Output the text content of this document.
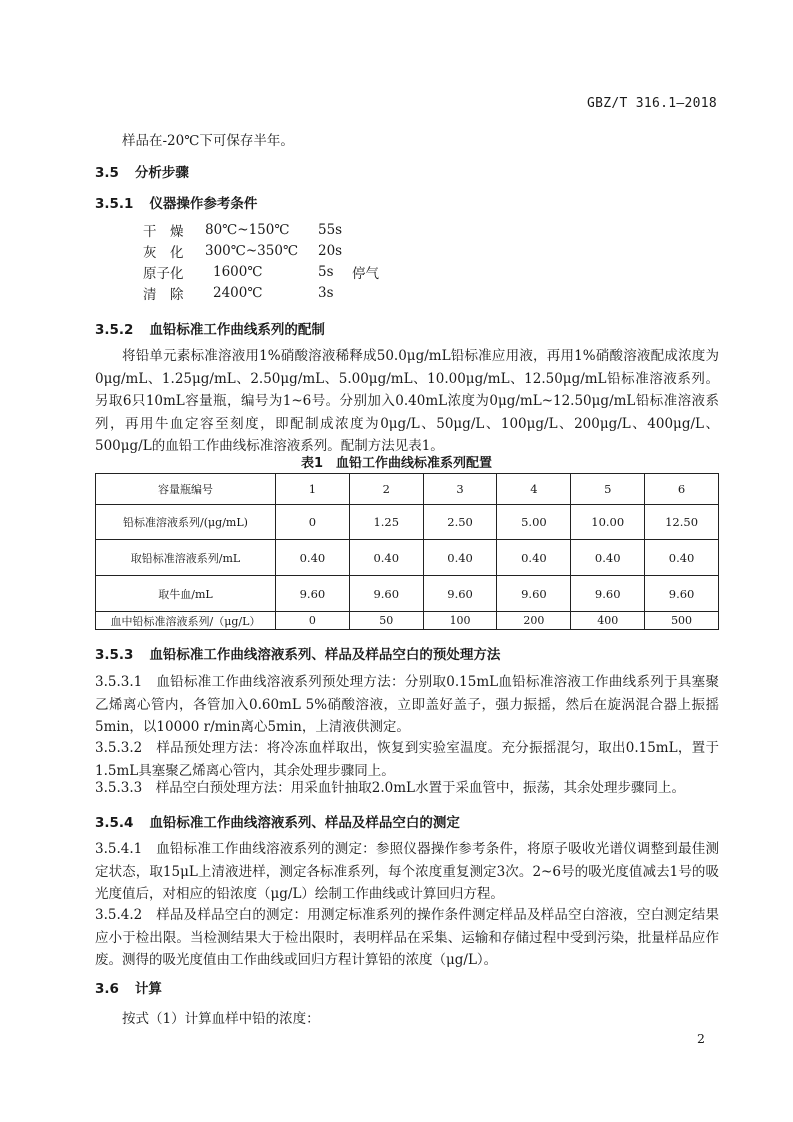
GBZ/T 316.1—2018
样品在-20℃下可保存半年。
3.5 分析步骤
3.5.1 仪器操作参考条件
干　燥	80℃~150℃	55s	
灰　化	300℃~350℃	20s	
原子化	1600℃	5s	停气
清　除	2400℃	3s	
3.5.2 血铅标准工作曲线系列的配制
将铅单元素标准溶液用1%硝酸溶液稀释成50.0μg/mL铅标准应用液，再用1%硝酸溶液配成浓度为0μg/mL、1.25μg/mL、2.50μg/mL、5.00μg/mL、10.00μg/mL、12.50μg/mL铅标准溶液系列。另取6只10mL容量瓶，编号为1~6号。分别加入0.40mL浓度为0μg/mL~12.50μg/mL铅标准溶液系列，再用牛血定容至刻度，即配制成浓度为0μg/L、50μg/L、100μg/L、200μg/L、400μg/L、500μg/L的血铅工作曲线标准溶液系列。配制方法见表1。
表1　血铅工作曲线标准系列配置
容量瓶编号	1	2	3	4	5	6
铅标准溶液系列/(μg/mL)	0	1.25	2.50	5.00	10.00	12.50
取铅标准溶液系列/mL	0.40	0.40	0.40	0.40	0.40	0.40
取牛血/mL	9.60	9.60	9.60	9.60	9.60	9.60
血中铅标准溶液系列/（μg/L）	0	50	100	200	400	500
3.5.3 血铅标准工作曲线溶液系列、样品及样品空白的预处理方法
3.5.3.1　血铅标准工作曲线溶液系列预处理方法：分别取0.15mL血铅标准溶液工作曲线系列于具塞聚乙烯离心管内，各管加入0.60mL 5%硝酸溶液，立即盖好盖子，强力振摇，然后在旋涡混合器上振摇5min，以10000 r/min离心5min，上清液供测定。
3.5.3.2　样品预处理方法：将冷冻血样取出，恢复到实验室温度。充分振摇混匀，取出0.15mL，置于1.5mL具塞聚乙烯离心管内，其余处理步骤同上。
3.5.3.3　样品空白预处理方法：用采血针抽取2.0mL水置于采血管中，振荡，其余处理步骤同上。
3.5.4 血铅标准工作曲线溶液系列、样品及样品空白的测定
3.5.4.1　血铅标准工作曲线溶液系列的测定：参照仪器操作参考条件，将原子吸收光谱仪调整到最佳测定状态，取15μL上清液进样，测定各标准系列，每个浓度重复测定3次。2~6号的吸光度值减去1号的吸光度值后，对相应的铅浓度（μg/L）绘制工作曲线或计算回归方程。
3.5.4.2　样品及样品空白的测定：用测定标准系列的操作条件测定样品及样品空白溶液，空白测定结果应小于检出限。当检测结果大于检出限时，表明样品在采集、运输和存储过程中受到污染，批量样品应作废。测得的吸光度值由工作曲线或回归方程计算铅的浓度（μg/L）。
3.6 计算
按式（1）计算血样中铅的浓度：
2
